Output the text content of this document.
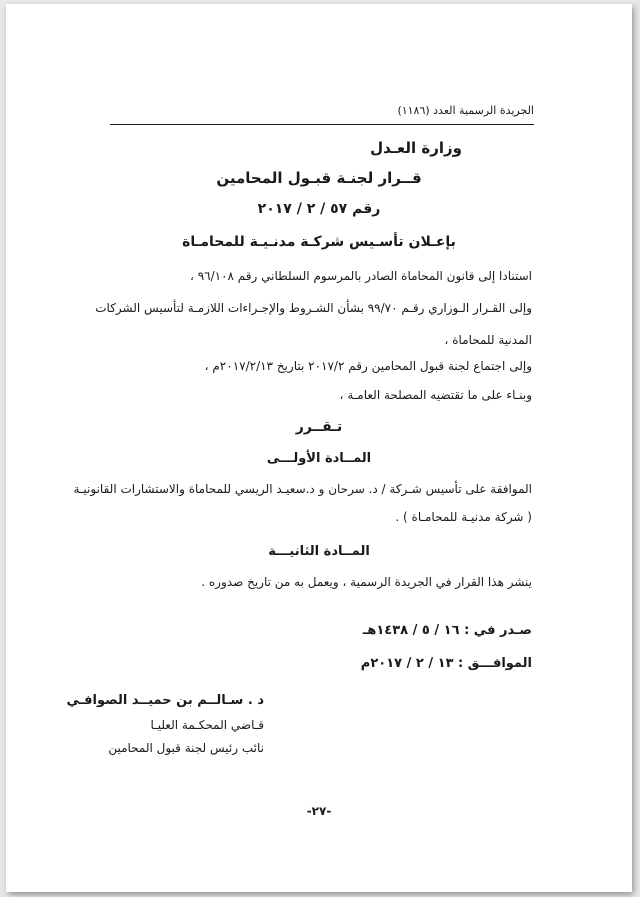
الجريدة الرسمية العدد (١١٨٦)
وزارة العـدل
قــرار لجنـة قبـول المحامين
رقم ٥٧ / ٢ / ٢٠١٧
بإعـلان تأسـيس شركـة مدنـيـة للمحامـاة
استنادا إلى قانون المحاماة الصادر بالمرسوم السلطاني رقم ٩٦/١٠٨ ،
وإلى القـرار الـوزاري رقـم ٩٩/٧٠ بشأن الشـروط والإجـراءات اللازمـة لتأسيس الشركات
المدنية للمحاماة ،
وإلى اجتماع لجنة قبول المحامين رقم ٢٠١٧/٢ بتاريخ ٢٠١٧/٢/١٣م ،
وبنـاء على ما تقتضيه المصلحة العامـة ،
تـقــرر
المــادة الأولـــى
الموافقة على تأسيس شـركة / د. سرحان و د.سعيـد الريسي للمحاماة والاستشارات القانونيـة
( شركة مدنيـة للمحامـاة ) .
المــادة الثانيـــة
ينشر هذا القرار في الجريدة الرسمية ، ويعمل به من تاريخ صدوره .
صـدر في : ١٦ / ٥ / ١٤٣٨هـ
الموافـــق : ١٣ / ٢ / ٢٠١٧م
د . سـالــم بن حميــد الصوافـي
قـاضي المحكـمة العليـا
نائب رئيس لجنة قبول المحامين
-٢٧-
